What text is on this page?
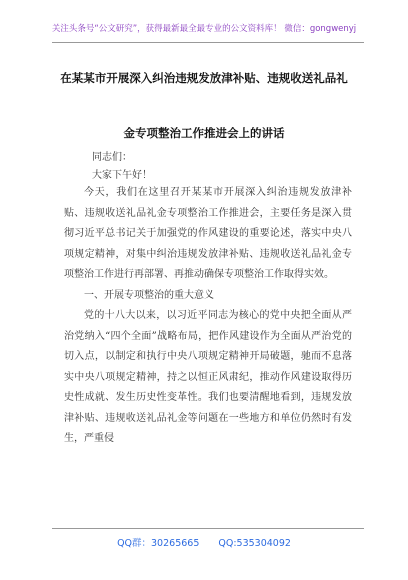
关注头条号“公文研究”，获得最新最全最专业的公文资料库！ 微信：gongwenyj
在某某市开展深入纠治违规发放津补贴、违规收送礼品礼
金专项整治工作推进会上的讲话
同志们：
大家下午好！

今天，我们在这里召开某某市开展深入纠治违规发放津补贴、违规收送礼品礼金专项整治工作推进会，主要任务是深入贯彻习近平总书记关于加强党的作风建设的重要论述，落实中央八项规定精神，对集中纠治违规发放津补贴、违规收送礼品礼金专项整治工作进行再部署、再推动确保专项整治工作取得实效。

一、开展专项整治的重大意义

党的十八大以来，以习近平同志为核心的党中央把全面从严治党纳入“四个全面”战略布局，把作风建设作为全面从严治党的切入点，以制定和执行中央八项规定精神开局破题，驰而不息落实中央八项规定精神，持之以恒正风肃纪，推动作风建设取得历史性成就、发生历史性变革性。我们也要清醒地看到，违规发放津补贴、违规收送礼品礼金等问题在一些地方和单位仍然时有发生，严重侵

QQ群：30265665　　QQ:535304092
